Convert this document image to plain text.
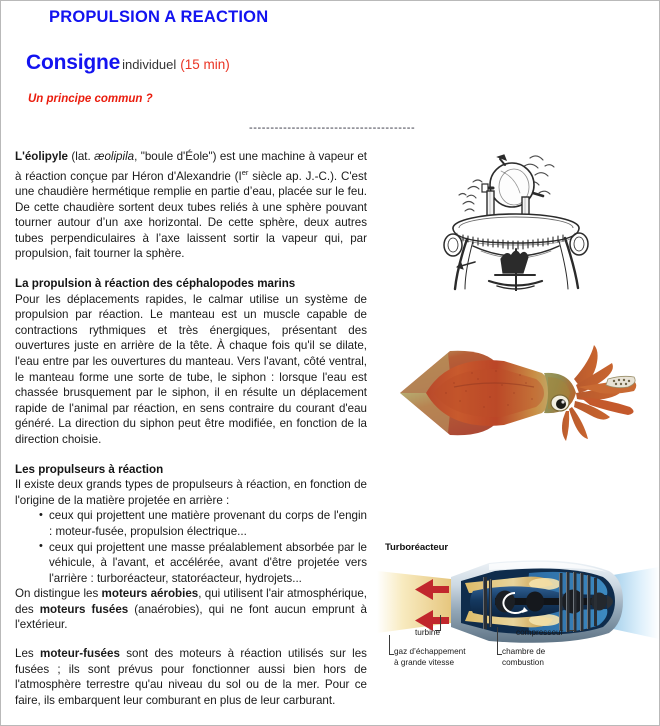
PROPULSION A REACTION
Consigne individuel (15 min)
Un principe commun ?
---------------------------------------

L'éolipyle (lat. æolipila, "boule d'Éole") est une machine à vapeur et à réaction conçue par Héron d'Alexandrie (Ier siècle ap. J.-C.). C'est une chaudière hermétique remplie en partie d’eau, placée sur le feu. De cette chaudière sortent deux tubes reliés à une sphère pouvant tourner autour d’un axe horizontal. De cette sphère, deux autres tubes perpendiculaires à l’axe laissent sortir la vapeur qui, par propulsion, fait tourner la sphère.

La propulsion à réaction des céphalopodes marins

Pour les déplacements rapides, le calmar utilise un système de propulsion par réaction. Le manteau est un muscle capable de contractions rythmiques et très énergiques, présentant des ouvertures juste en arrière de la tête. À chaque fois qu'il se dilate, l'eau entre par les ouvertures du manteau. Vers l'avant, côté ventral, le manteau forme une sorte de tube, le siphon : lorsque l'eau est chassée brusquement par le siphon, il en résulte un déplacement rapide de l'animal par réaction, en sens contraire du courant d'eau généré. La direction du siphon peut être modifiée, en fonction de la direction choisie.

Les propulseurs à réaction

Il existe deux grands types de propulseurs à réaction, en fonction de l'origine de la matière projetée en arrière :

• ceux qui projettent une matière provenant du corps de l'engin : moteur-fusée, propulsion électrique...
• ceux qui projettent une masse préalablement absorbée par le véhicule, à l'avant, et accélérée, avant d'être projetée vers l'arrière : turboréacteur, statoréacteur, hydrojets...

On distingue les moteurs aérobies, qui utilisent l'air atmosphérique, des moteurs fusées (anaérobies), qui ne font aucun emprunt à l'extérieur.

Les moteur-fusées sont des moteurs à réaction utilisés sur les fusées ; ils sont prévus pour fonctionner aussi bien hors de l'atmosphère terrestre qu'au niveau du sol ou de la mer. Pour ce faire, ils embarquent leur comburant en plus de leur carburant.

Turboréacteur
turbine	compresseur
gaz d’échappement
à grande vitesse
chambre de
combustion
